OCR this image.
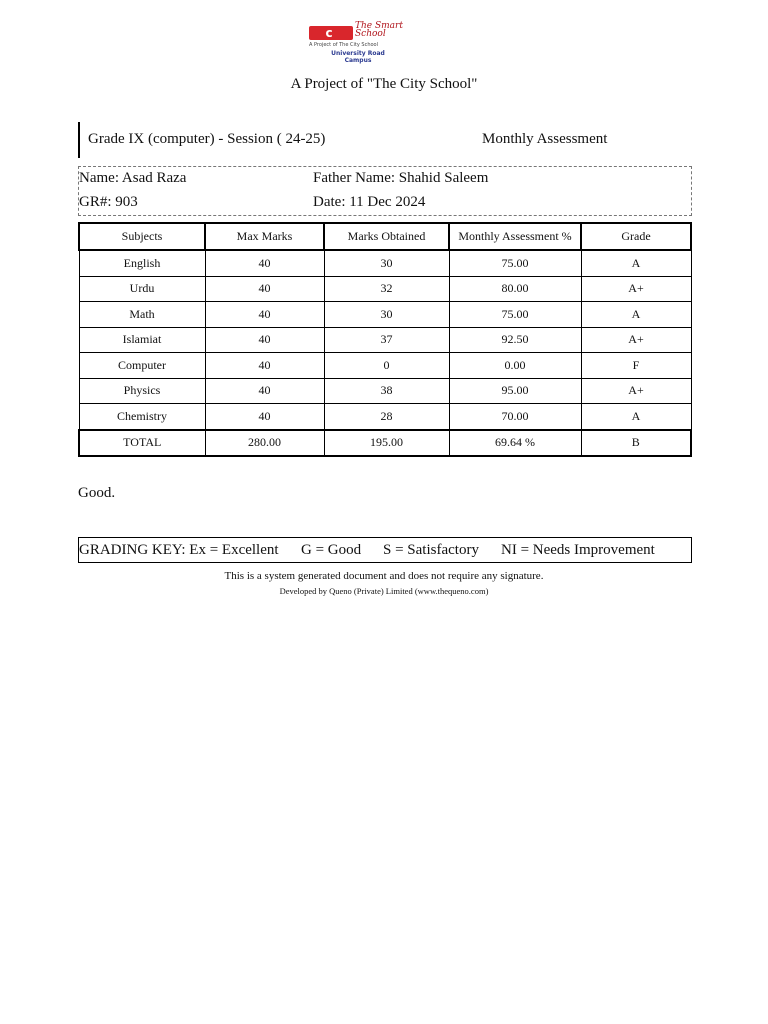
c	The Smart School
A Project of The City School
University Road
Campus
A Project of "The City School"
Grade IX (computer) - Session ( 24-25)	Monthly Assessment
Name: Asad Raza	Father Name: Shahid Saleem
GR#: 903	Date: 11 Dec 2024
Subjects	Max Marks	Marks Obtained	Monthly Assessment %	Grade
English	40	30	75.00	A
Urdu	40	32	80.00	A+
Math	40	30	75.00	A
Islamiat	40	37	92.50	A+
Computer	40	0	0.00	F
Physics	40	38	95.00	A+
Chemistry	40	28	70.00	A
TOTAL	280.00	195.00	69.64 %	B
Good.
GRADING KEY: Ex = Excellent G = Good S = Satisfactory NI = Needs Improvement
This is a system generated document and does not require any signature.
Developed by Queno (Private) Limited (www.thequeno.com)
